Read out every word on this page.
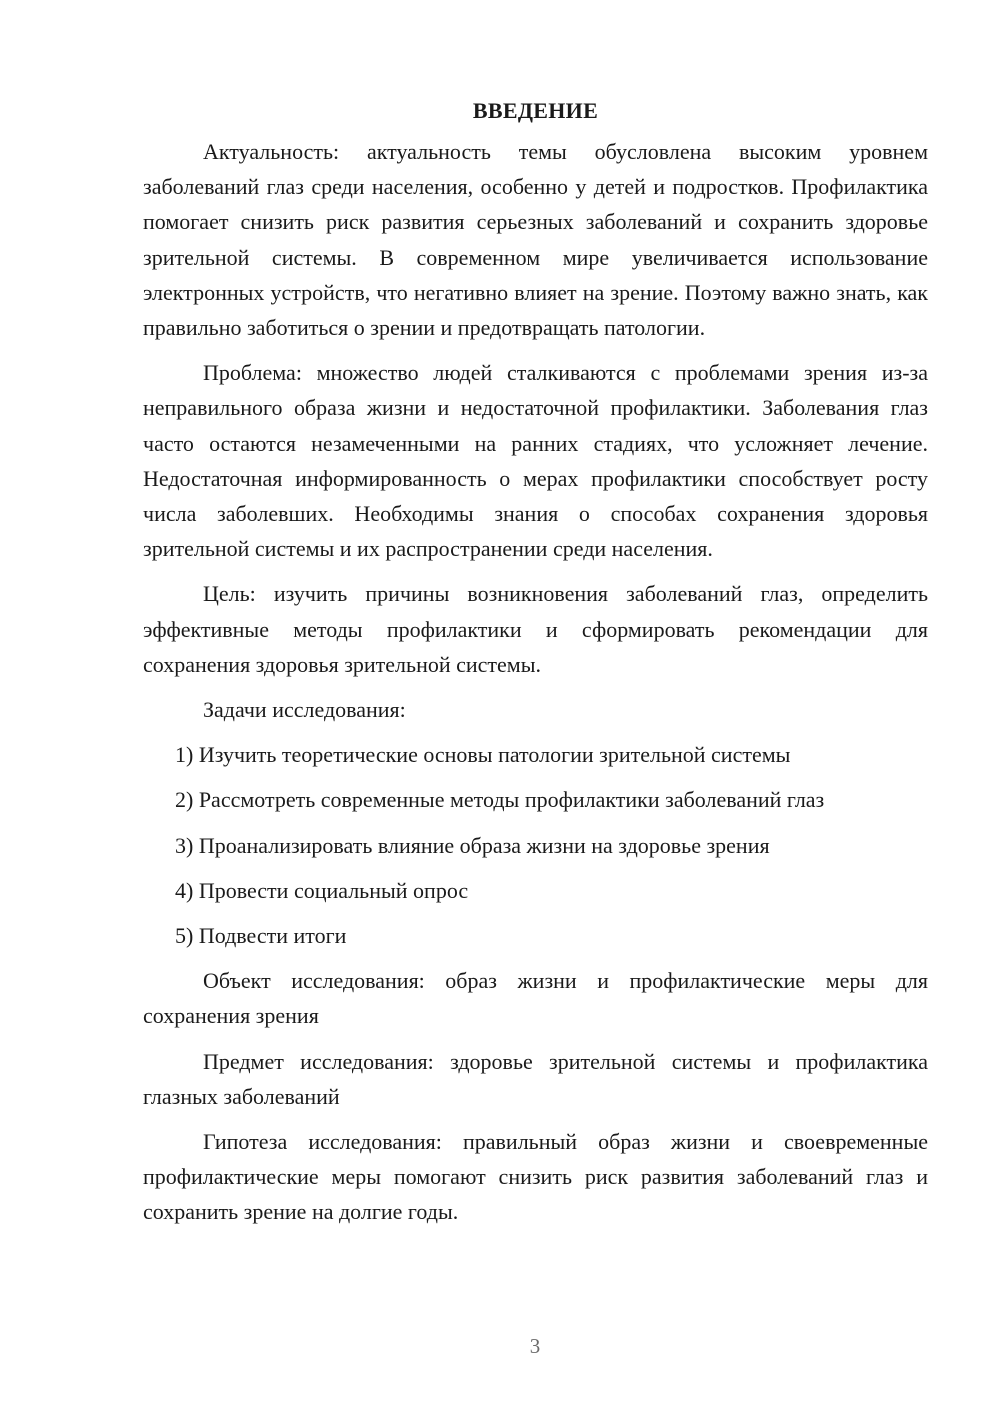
ВВЕДЕНИЕ

Актуальность: актуальность темы обусловлена высоким уровнем заболеваний глаз среди населения, особенно у детей и подростков. Профилактика помогает снизить риск развития серьезных заболеваний и сохранить здоровье зрительной системы. В современном мире увеличивается использование электронных устройств, что негативно влияет на зрение. Поэтому важно знать, как правильно заботиться о зрении и предотвращать патологии.

Проблема: множество людей сталкиваются с проблемами зрения из-за неправильного образа жизни и недостаточной профилактики. Заболевания глаз часто остаются незамеченными на ранних стадиях, что усложняет лечение. Недостаточная информированность о мерах профилактики способствует росту числа заболевших. Необходимы знания о способах сохранения здоровья зрительной системы и их распространении среди населения.

Цель: изучить причины возникновения заболеваний глаз, определить эффективные методы профилактики и сформировать рекомендации для сохранения здоровья зрительной системы.

Задачи исследования:

1) Изучить теоретические основы патологии зрительной системы
2) Рассмотреть современные методы профилактики заболеваний глаз
3) Проанализировать влияние образа жизни на здоровье зрения
4) Провести социальный опрос
5) Подвести итоги

Объект исследования: образ жизни и профилактические меры для сохранения зрения

Предмет исследования: здоровье зрительной системы и профилактика глазных заболеваний

Гипотеза исследования: правильный образ жизни и своевременные профилактические меры помогают снизить риск развития заболеваний глаз и сохранить зрение на долгие годы.

3
